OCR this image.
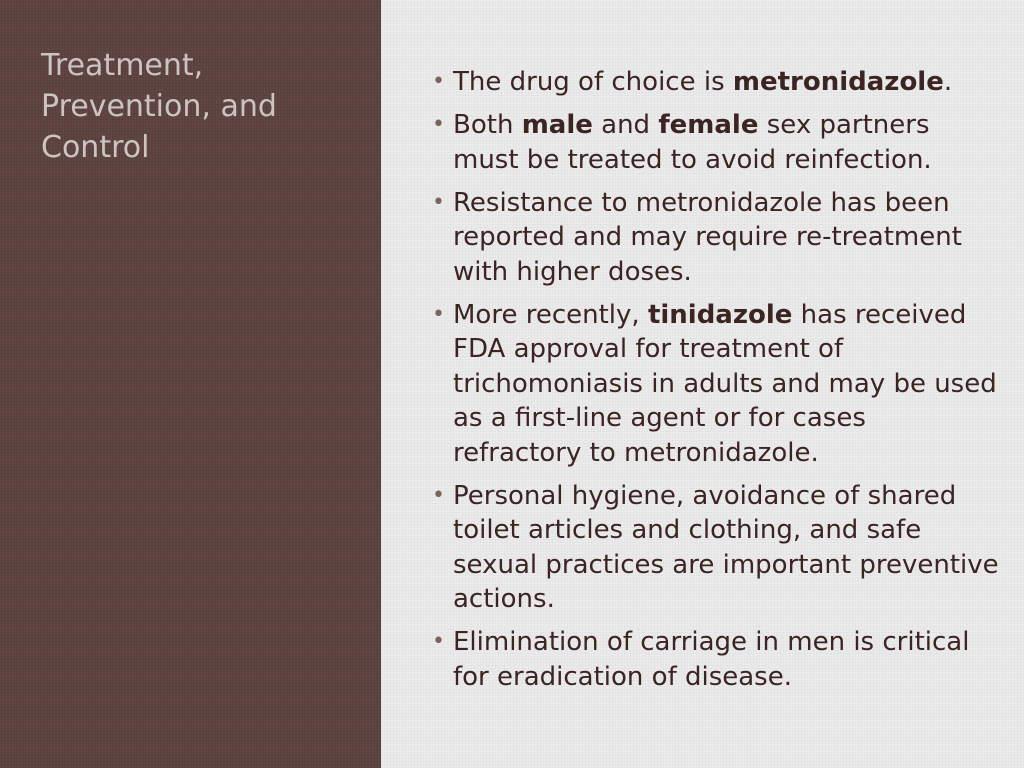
Treatment,
Prevention, and
Control
• The drug of choice is metronidazole.
• Both male and female sex partners must be treated to avoid reinfection.
• Resistance to metronidazole has been reported and may require re-treatment with higher doses.
• More recently, tinidazole has received FDA approval for treatment of trichomoniasis in adults and may be used as a first-line agent or for cases refractory to metronidazole.
• Personal hygiene, avoidance of shared toilet articles and clothing, and safe sexual practices are important preventive actions.
• Elimination of carriage in men is critical for eradication of disease.
